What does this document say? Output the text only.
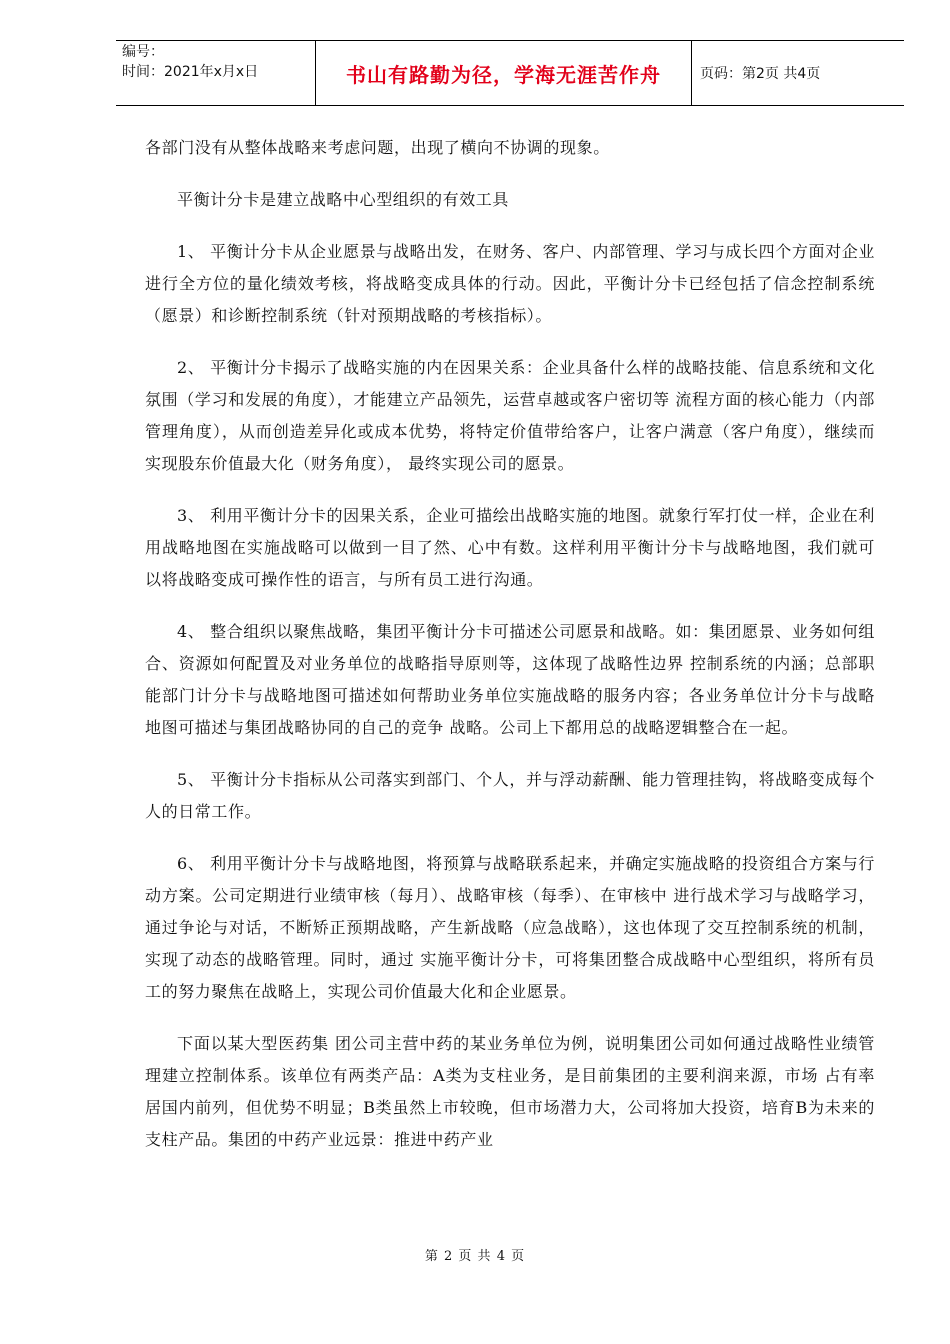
编号：
时间：2021年x月x日	书山有路勤为径，学海无涯苦作舟	页码：第2页 共4页

各部门没有从整体战略来考虑问题，出现了横向不协调的现象。

平衡计分卡是建立战略中心型组织的有效工具

1、 平衡计分卡从企业愿景与战略出发，在财务、客户、内部管理、学习与成长四个方面对企业进行全方位的量化绩效考核，将战略变成具体的行动。因此，平衡计分卡已经包括了信念控制系统（愿景）和诊断控制系统（针对预期战略的考核指标）。

2、 平衡计分卡揭示了战略实施的内在因果关系：企业具备什么样的战略技能、信息系统和文化氛围（学习和发展的角度），才能建立产品领先，运营卓越或客户密切等 流程方面的核心能力（内部管理角度），从而创造差异化或成本优势，将特定价值带给客户，让客户满意（客户角度），继续而实现股东价值最大化（财务角度）， 最终实现公司的愿景。

3、 利用平衡计分卡的因果关系，企业可描绘出战略实施的地图。就象行军打仗一样，企业在利用战略地图在实施战略可以做到一目了然、心中有数。这样利用平衡计分卡与战略地图，我们就可以将战略变成可操作性的语言，与所有员工进行沟通。

4、 整合组织以聚焦战略，集团平衡计分卡可描述公司愿景和战略。如：集团愿景、业务如何组合、资源如何配置及对业务单位的战略指导原则等，这体现了战略性边界 控制系统的内涵；总部职能部门计分卡与战略地图可描述如何帮助业务单位实施战略的服务内容；各业务单位计分卡与战略地图可描述与集团战略协同的自己的竞争 战略。公司上下都用总的战略逻辑整合在一起。

5、 平衡计分卡指标从公司落实到部门、个人，并与浮动薪酬、能力管理挂钩，将战略变成每个人的日常工作。

6、 利用平衡计分卡与战略地图，将预算与战略联系起来，并确定实施战略的投资组合方案与行动方案。公司定期进行业绩审核（每月）、战略审核（每季）、在审核中 进行战术学习与战略学习，通过争论与对话，不断矫正预期战略，产生新战略（应急战略），这也体现了交互控制系统的机制，实现了动态的战略管理。同时，通过 实施平衡计分卡，可将集团整合成战略中心型组织，将所有员工的努力聚焦在战略上，实现公司价值最大化和企业愿景。

下面以某大型医药集 团公司主营中药的某业务单位为例，说明集团公司如何通过战略性业绩管理建立控制体系。该单位有两类产品：A类为支柱业务，是目前集团的主要利润来源，市场 占有率居国内前列，但优势不明显；B类虽然上市较晚，但市场潜力大，公司将加大投资，培育B为未来的支柱产品。集团的中药产业远景：推进中药产业

第 2 页 共 4 页
